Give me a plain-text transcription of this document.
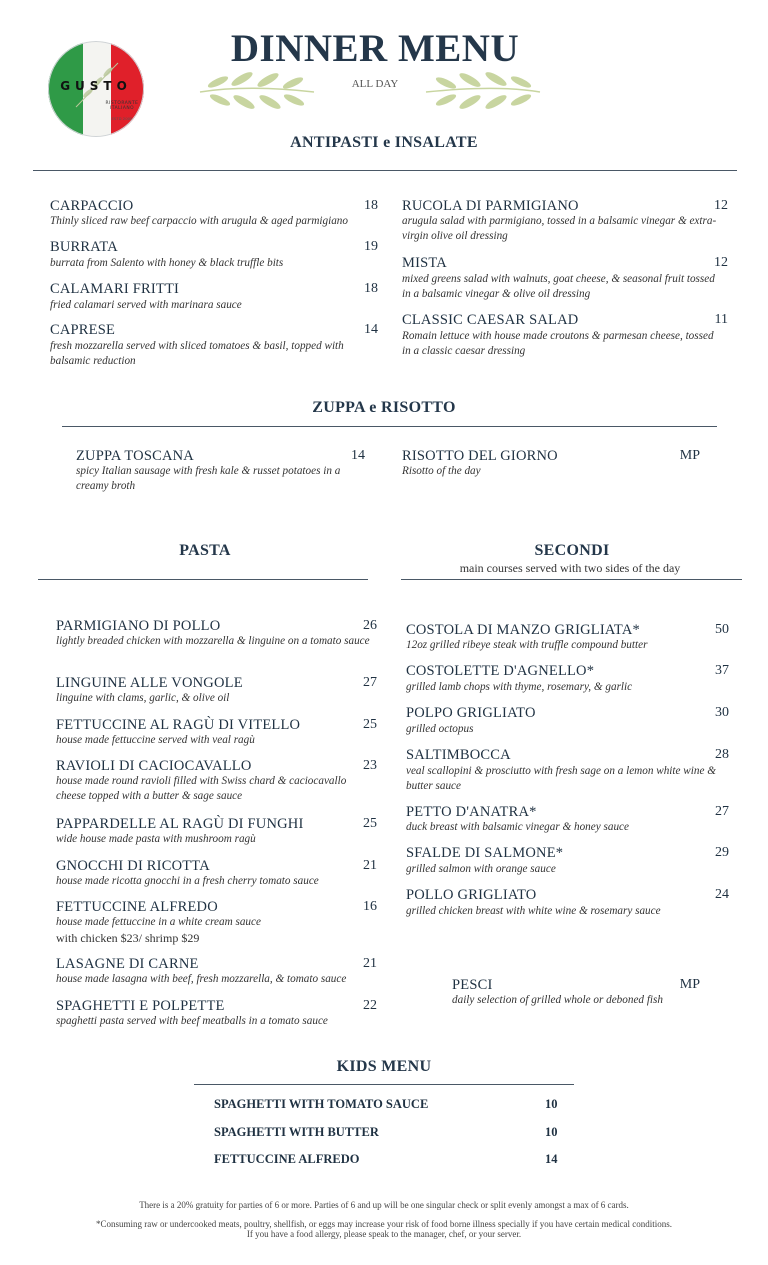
GUSTO
RISTORANTE ITALIANO
ESTD 2005
DINNER MENU
ALL DAY
ANTIPASTI e INSALATE
CARPACCIO	18
Thinly sliced raw beef carpaccio with arugula & aged parmigiano
BURRATA	19
burrata from Salento with honey & black truffle bits
CALAMARI FRITTI	18
fried calamari served with marinara sauce
CAPRESE	14
fresh mozzarella served with sliced tomatoes & basil, topped with balsamic reduction
RUCOLA DI PARMIGIANO	12
arugula salad with parmigiano, tossed in a balsamic vinegar & extra-virgin olive oil dressing
MISTA	12
mixed greens salad with walnuts, goat cheese, & seasonal fruit tossed in a balsamic vinegar & olive oil dressing
CLASSIC CAESAR SALAD	11
Romain lettuce with house made croutons & parmesan cheese, tossed in a classic caesar dressing
ZUPPA e RISOTTO
ZUPPA TOSCANA	14
spicy Italian sausage with fresh kale & russet potatoes in a creamy broth
RISOTTO DEL GIORNO	MP
Risotto of the day
PASTA
PARMIGIANO DI POLLO	26
lightly breaded chicken with mozzarella & linguine on a tomato sauce
LINGUINE ALLE VONGOLE	27
linguine with clams, garlic, & olive oil
FETTUCCINE AL RAGÙ DI VITELLO	25
house made fettuccine served with veal ragù
RAVIOLI DI CACIOCAVALLO	23
house made round ravioli filled with Swiss chard & caciocavallo cheese topped with a butter & sage sauce
PAPPARDELLE AL RAGÙ DI FUNGHI	25
wide house made pasta with mushroom ragù
GNOCCHI DI RICOTTA	21
house made ricotta gnocchi in a fresh cherry tomato sauce
FETTUCCINE ALFREDO	16
house made fettuccine in a white cream sauce
with chicken $23/ shrimp $29
LASAGNE DI CARNE	21
house made lasagna with beef, fresh mozzarella, & tomato sauce
SPAGHETTI E POLPETTE	22
spaghetti pasta served with beef meatballs in a tomato sauce
SECONDI
main courses served with two sides of the day
COSTOLA DI MANZO GRIGLIATA*	50
12oz grilled ribeye steak with truffle compound butter
COSTOLETTE D'AGNELLO*	37
grilled lamb chops with thyme, rosemary, & garlic
POLPO GRIGLIATO	30
grilled octopus
SALTIMBOCCA	28
veal scallopini & prosciutto with fresh sage on a lemon white wine & butter sauce
PETTO D'ANATRA*	27
duck breast with balsamic vinegar & honey sauce
SFALDE DI SALMONE*	29
grilled salmon with orange sauce
POLLO GRIGLIATO	24
grilled chicken breast with white wine & rosemary sauce
PESCI	MP
daily selection of grilled whole or deboned fish
KIDS MENU
SPAGHETTI WITH TOMATO SAUCE	10
SPAGHETTI WITH BUTTER	10
FETTUCCINE ALFREDO	14
There is a 20% gratuity for parties of 6 or more. Parties of 6 and up will be one singular check or split evenly amongst a max of 6 cards.
*Consuming raw or undercooked meats, poultry, shellfish, or eggs may increase your risk of food borne illness specially if you have certain medical conditions.
If you have a food allergy, please speak to the manager, chef, or your server.
